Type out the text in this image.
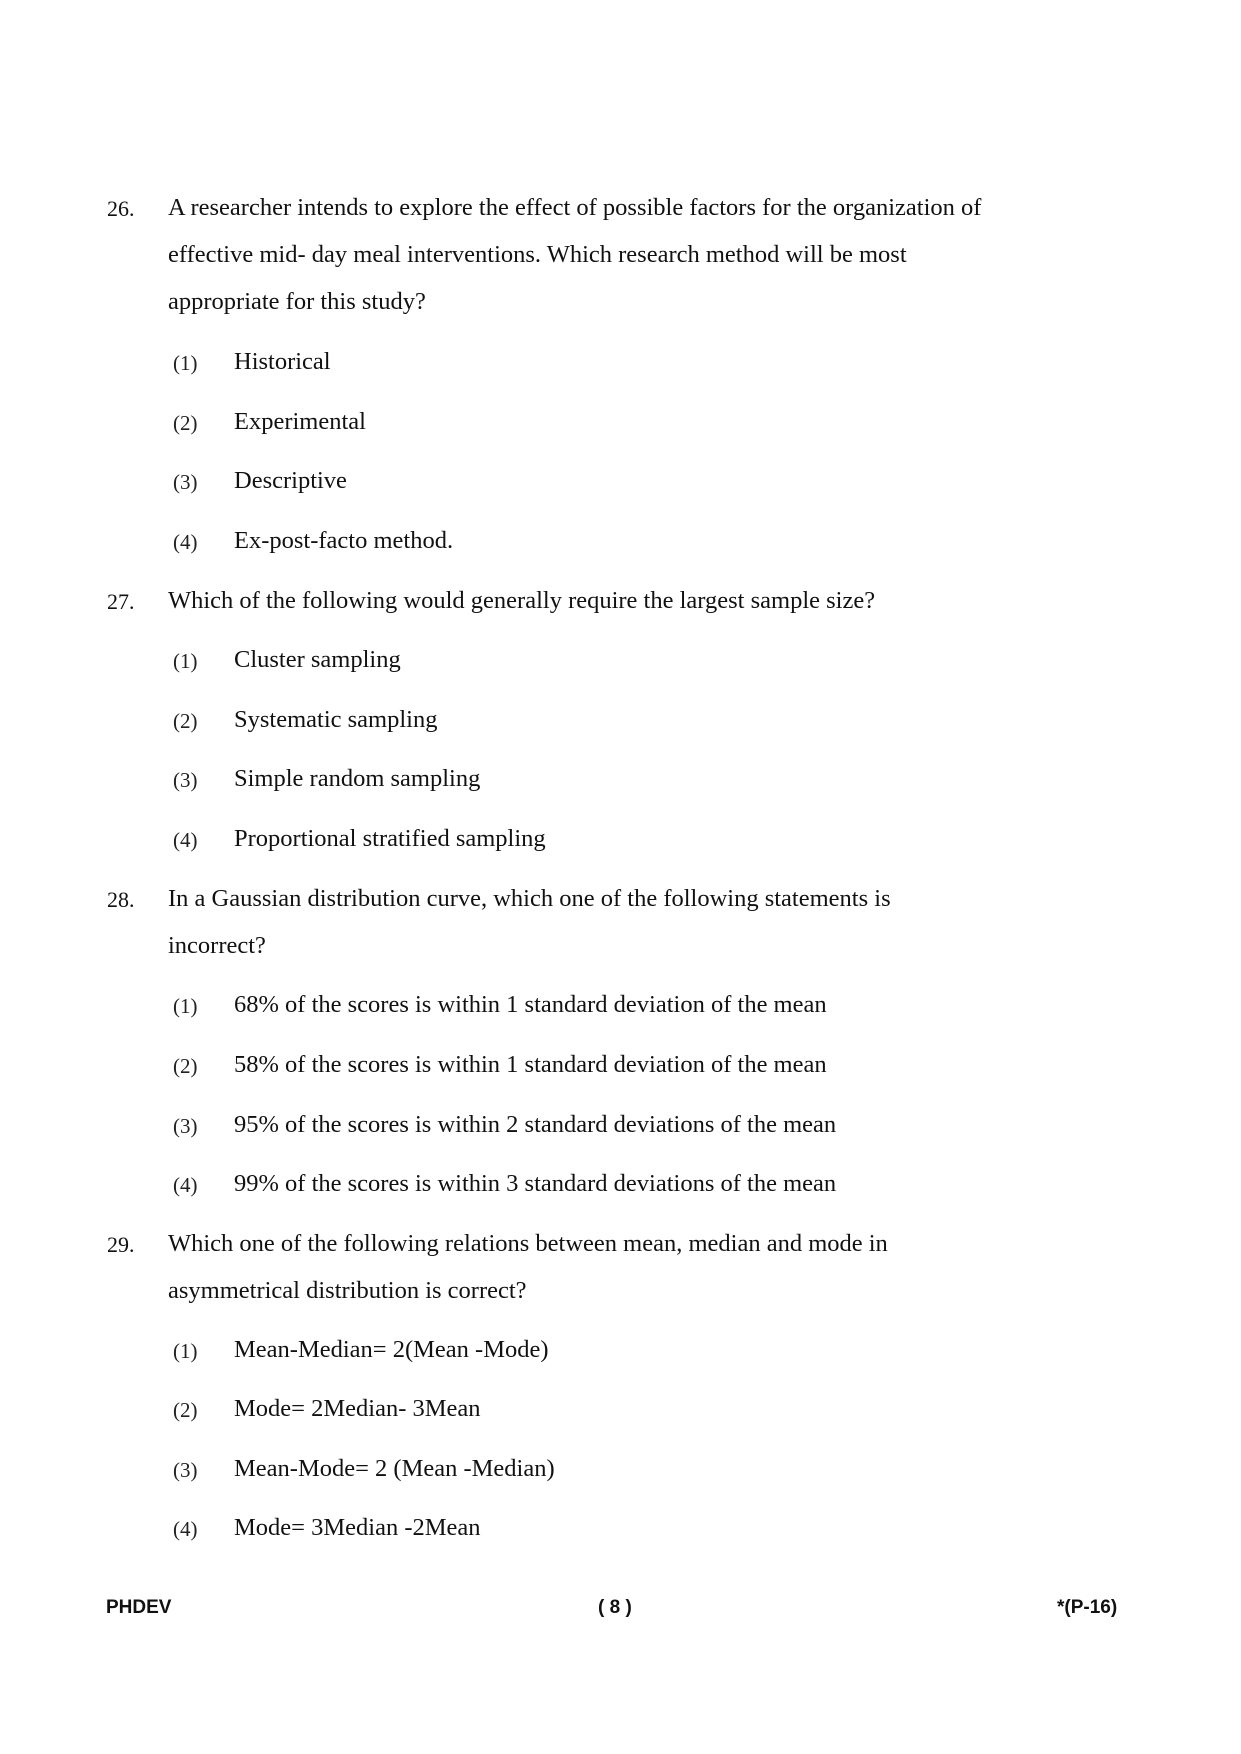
26. A researcher intends to explore the effect of possible factors for the organization of
effective mid- day meal interventions. Which research method will be most
appropriate for this study?
(1) Historical
(2) Experimental
(3) Descriptive
(4) Ex-post-facto method.
27. Which of the following would generally require the largest sample size?
(1) Cluster sampling
(2) Systematic sampling
(3) Simple random sampling
(4) Proportional stratified sampling
28. In a Gaussian distribution curve, which one of the following statements is
incorrect?
(1) 68% of the scores is within 1 standard deviation of the mean
(2) 58% of the scores is within 1 standard deviation of the mean
(3) 95% of the scores is within 2 standard deviations of the mean
(4) 99% of the scores is within 3 standard deviations of the mean
29. Which one of the following relations between mean, median and mode in
asymmetrical distribution is correct?
(1) Mean-Median= 2(Mean -Mode)
(2) Mode= 2Median- 3Mean
(3) Mean-Mode= 2 (Mean -Median)
(4) Mode= 3Median -2Mean
PHDEV	( 8 )	*(P-16)
